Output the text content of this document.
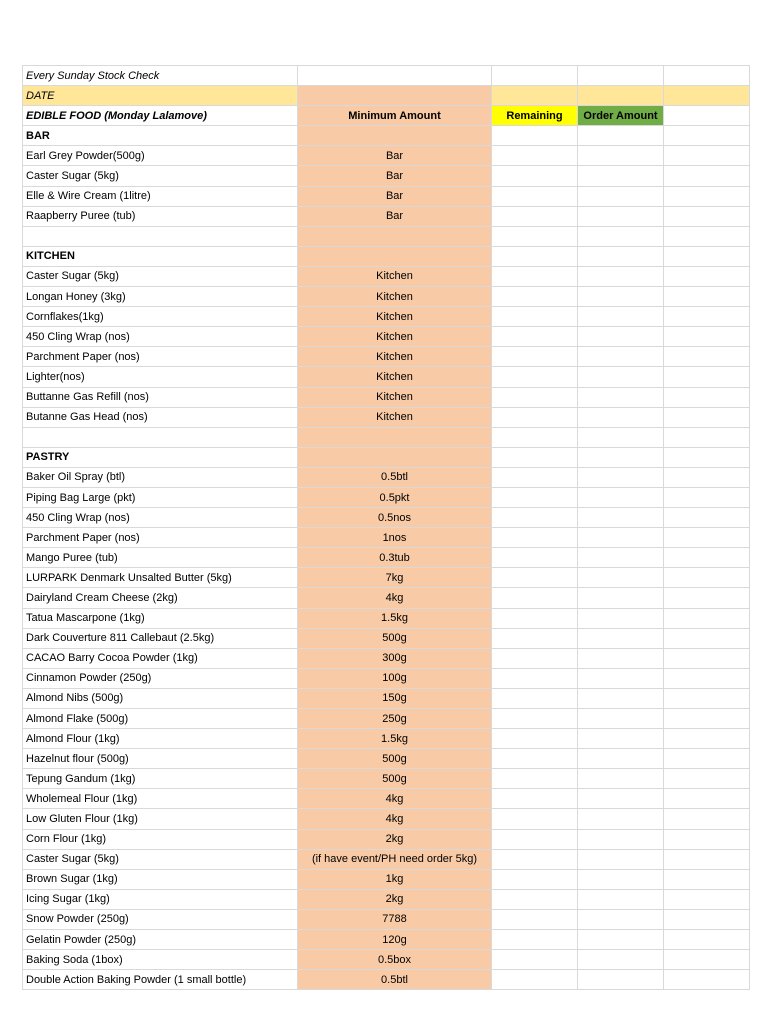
Every Sunday Stock Check				
DATE				
EDIBLE FOOD (Monday Lalamove)	Minimum Amount	Remaining	Order Amount	
BAR				
Earl Grey Powder(500g)	Bar			
Caster Sugar (5kg)	Bar			
Elle & Wire Cream (1litre)	Bar			
Raapberry Puree (tub)	Bar			

KITCHEN				
Caster Sugar (5kg)	Kitchen			
Longan Honey (3kg)	Kitchen			
Cornflakes(1kg)	Kitchen			
450 Cling Wrap (nos)	Kitchen			
Parchment Paper (nos)	Kitchen			
Lighter(nos)	Kitchen			
Buttanne Gas Refill (nos)	Kitchen			
Butanne Gas Head (nos)	Kitchen			

PASTRY				
Baker Oil Spray (btl)	0.5btl			
Piping Bag Large (pkt)	0.5pkt			
450 Cling Wrap (nos)	0.5nos			
Parchment Paper (nos)	1nos			
Mango Puree (tub)	0.3tub			
LURPARK Denmark Unsalted Butter (5kg)	7kg			
Dairyland Cream Cheese (2kg)	4kg			
Tatua Mascarpone (1kg)	1.5kg			
Dark Couverture 811 Callebaut (2.5kg)	500g			
CACAO Barry Cocoa Powder (1kg)	300g			
Cinnamon Powder (250g)	100g			
Almond Nibs (500g)	150g			
Almond Flake (500g)	250g			
Almond Flour (1kg)	1.5kg			
Hazelnut flour (500g)	500g			
Tepung Gandum (1kg)	500g			
Wholemeal Flour (1kg)	4kg			
Low Gluten Flour (1kg)	4kg			
Corn Flour (1kg)	2kg			
Caster Sugar (5kg)	(if have event/PH need order 5kg)			
Brown Sugar (1kg)	1kg			
Icing Sugar (1kg)	2kg			
Snow Powder (250g)	7788			
Gelatin Powder (250g)	120g			
Baking Soda (1box)	0.5box			
Double Action Baking Powder (1 small bottle)	0.5btl			
